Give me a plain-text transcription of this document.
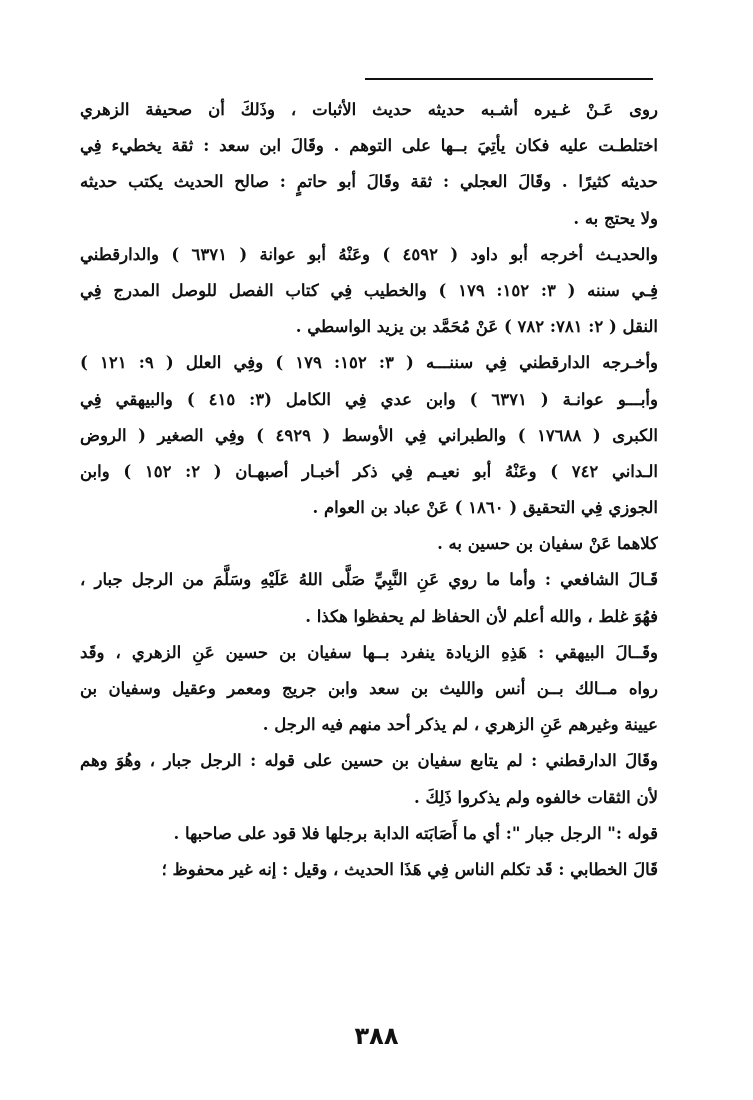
روى عَـنْ غـيره أشـبه حديثه حديث الأثبات ، وذَلكَ أن صحيفة الزهري
اختلطـت عليه فكان يأتِيَ بــها على التوهم . وقَالَ ابن سعد : ثقة يخطيء فِي
حديثه كثيرًا . وقَالَ العجلي : ثقة وقَالَ أبو حاتمٍ : صالح الحديث يكتب حديثه
ولا يحتج به .
والحديـث أخرجه أبو داود ( ٤٥٩٢ ) وعَنْهُ أبو عوانة ( ٦٣٧١ ) والدارقطني
فِـي سننه ( ٣: ١٥٢: ١٧٩ ) والخطيب فِي كتاب الفصل للوصل المدرج فِي
النقل ( ٢: ٧٨١: ٧٨٢ ) عَنْ مُحَمَّد بن يزيد الواسطي .
وأخـرجه الدارقطني فِي سننـــه ( ٣: ١٥٢: ١٧٩ ) وفِي العلل ( ٩: ١٢١ )
وأبـــو عوانـة ( ٦٣٧١ ) وابن عدي فِي الكامل (٣: ٤١٥ ) والبيهقي فِي
الكبرى ( ١٧٦٨٨ ) والطبراني فِي الأوسط ( ٤٩٢٩ ) وفِي الصغير ( الروض
الـداني ٧٤٢ ) وعَنْهُ أبو نعيـم فِي ذكر أخبـار أصبهـان ( ٢: ١٥٢ ) وابن
الجوزي فِي التحقيق ( ١٨٦٠ ) عَنْ عباد بن العوام .
كلاهما عَنْ سفيان بن حسين به .
قَـالَ الشافعي : وأما ما روي عَنِ النَّبِيِّ صَلَّى اللهُ عَلَيْهِ وسَلَّمَ من الرجل جبار ،
فهُوَ غلط ، والله أعلم لأن الحفاظ لم يحفظوا هكذا .
وقَــالَ البيهقي : هَذِهِ الزيادة ينفرد بــها سفيان بن حسين عَنِ الزهري ، وقَد
رواه مــالك بــن أنس والليث بن سعد وابن جريج ومعمر وعقيل وسفيان بن
عيينة وغيرهم عَنِ الزهري ، لم يذكر أحد منهم فيه الرجل .
وقَالَ الدارقطني : لم يتابع سفيان بن حسين على قوله : الرجل جبار ، وهُوَ وهم
لأن الثقات خالفوه ولم يذكروا ذَلِكَ .
قوله :" الرجل جبار ": أي ما أَصَابَته الدابة برجلها فلا قود على صاحبها .
قَالَ الخطابي : قَد تكلم الناس فِي هَذَا الحديث ، وقيل : إنه غير محفوظ ؛
٣٨٨
